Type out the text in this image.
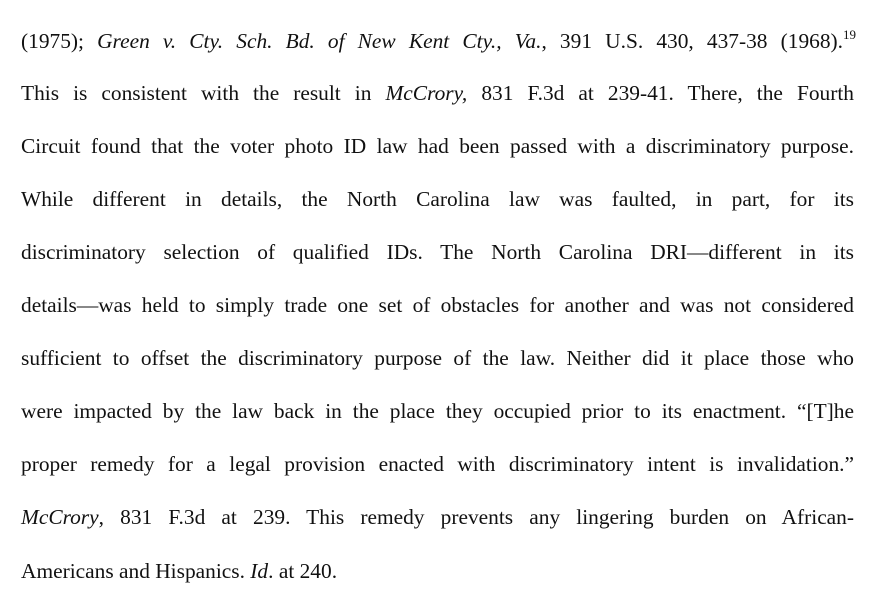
(1975); Green v. Cty. Sch. Bd. of New Kent Cty., Va., 391 U.S. 430, 437-38 (1968).$^{19}$
This is consistent with the result in McCrory, 831 F.3d at 239-41. There, the Fourth
Circuit found that the voter photo ID law had been passed with a discriminatory purpose.
While different in details, the North Carolina law was faulted, in part, for its
discriminatory selection of qualified IDs. The North Carolina DRI—different in its
details—was held to simply trade one set of obstacles for another and was not considered
sufficient to offset the discriminatory purpose of the law. Neither did it place those who
were impacted by the law back in the place they occupied prior to its enactment. “[T]he
proper remedy for a legal provision enacted with discriminatory intent is invalidation.”
McCrory, 831 F.3d at 239. This remedy prevents any lingering burden on African-
Americans and Hispanics. Id. at 240.
